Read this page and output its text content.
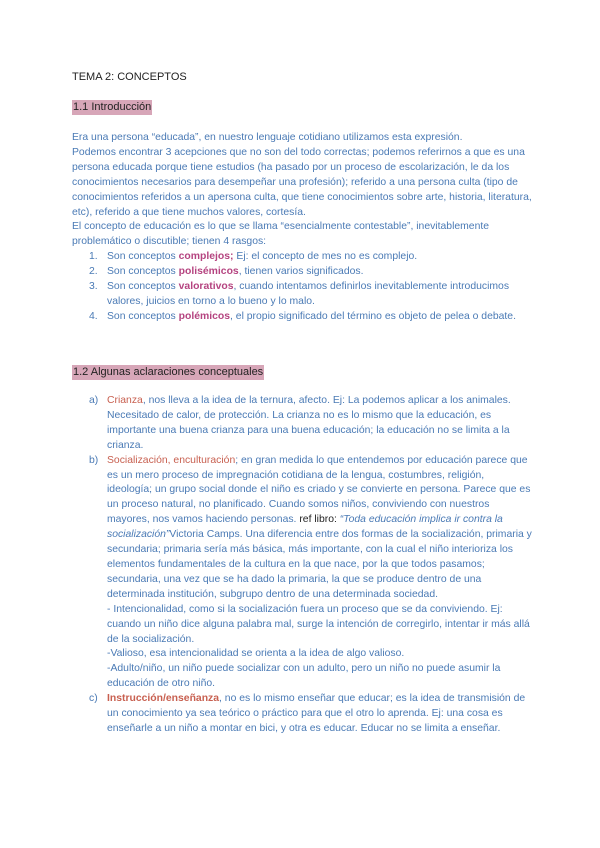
TEMA 2: CONCEPTOS
1.1 Introducción

Era una persona “educada”, en nuestro lenguaje cotidiano utilizamos esta expresión.

Podemos encontrar 3 acepciones que no son del todo correctas; podemos referirnos a que es una persona educada porque tiene estudios (ha pasado por un proceso de escolarización, le da los conocimientos necesarios para desempeñar una profesión); referido a una persona culta (tipo de conocimientos referidos a un apersona culta, que tiene conocimientos sobre arte, historia, literatura, etc), referido a que tiene muchos valores, cortesía.

El concepto de educación es lo que se llama “esencialmente contestable”, inevitablemente problemático o discutible; tienen 4 rasgos:

1. Son conceptos complejos; Ej: el concepto de mes no es complejo.
2. Son conceptos polisémicos, tienen varios significados.
3. Son conceptos valorativos, cuando intentamos definirlos inevitablemente introducimos valores, juicios en torno a lo bueno y lo malo.
4. Son conceptos polémicos, el propio significado del término es objeto de pelea o debate.
1.2 Algunas aclaraciones conceptuales
a) Crianza, nos lleva a la idea de la ternura, afecto. Ej: La podemos aplicar a los animales. Necesitado de calor, de protección. La crianza no es lo mismo que la educación, es importante una buena crianza para una buena educación; la educación no se limita a la crianza.
b) Socialización, enculturación; en gran medida lo que entendemos por educación parece que es un mero proceso de impregnación cotidiana de la lengua, costumbres, religión, ideología; un grupo social donde el niño es criado y se convierte en persona. Parece que es un proceso natural, no planificado. Cuando somos niños, conviviendo con nuestros mayores, nos vamos haciendo personas. ref libro: “Toda educación implica ir contra la socialización”Victoria Camps. Una diferencia entre dos formas de la socialización, primaria y secundaria; primaria sería más básica, más importante, con la cual el niño interioriza los elementos fundamentales de la cultura en la que nace, por la que todos pasamos; secundaria, una vez que se ha dado la primaria, la que se produce dentro de una determinada institución, subgrupo dentro de una determinada sociedad.

- Intencionalidad, como si la socialización fuera un proceso que se da conviviendo. Ej: cuando un niño dice alguna palabra mal, surge la intención de corregirlo, intentar ir más allá de la socialización.

-Valioso, esa intencionalidad se orienta a la idea de algo valioso.

-Adulto/niño, un niño puede socializar con un adulto, pero un niño no puede asumir la educación de otro niño.

c) Instrucción/enseñanza, no es lo mismo enseñar que educar; es la idea de transmisión de un conocimiento ya sea teórico o práctico para que el otro lo aprenda. Ej: una cosa es enseñarle a un niño a montar en bici, y otra es educar. Educar no se limita a enseñar.
